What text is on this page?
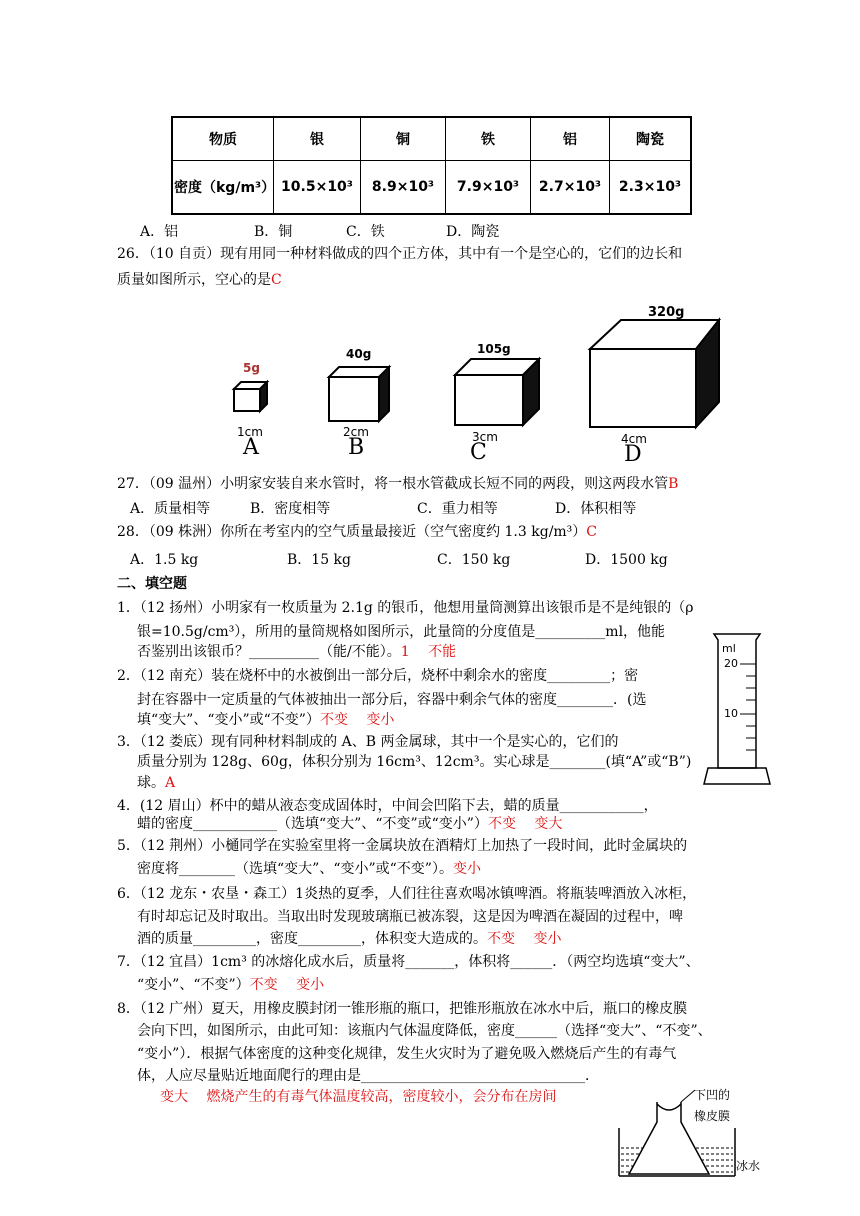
物质	银	铜	铁	铝	陶瓷
密度（kg/m³）	10.5×10³	8.9×10³	7.9×10³	2.7×10³	2.3×10³
A．铝	B．铜	C．铁	D．陶瓷
26．（10 自贡）现有用同一种材料做成的四个正方体，其中有一个是空心的，它们的边长和
质量如图所示，空心的是C
5g
40g	105g
320g
1cm	2cm	3cm	4cm
A	B	C	D
27．（09 温州）小明家安装自来水管时，将一根水管截成长短不同的两段，则这两段水管B
A．质量相等	B．密度相等	C．重力相等	D．体积相等
28．（09 株洲）你所在考室内的空气质量最接近（空气密度约 1.3 kg/m³）C
A．1.5 kg	B．15 kg	C．150 kg	D．1500 kg
二、填空题
1．（12 扬州）小明家有一枚质量为 2.1g 的银币，他想用量筒测算出该银币是不是纯银的（ρ
银=10.5g/cm³），所用的量筒规格如图所示，此量筒的分度值是__________ml，他能
否鉴别出该银币？__________（能/不能）。1　 不能
2．（12 南充）装在烧杯中的水被倒出一部分后，烧杯中剩余水的密度_________；密
封在容器中一定质量的气体被抽出一部分后，容器中剩余气体的密度________．(选
填“变大”、“变小”或“不变”）不变　 变小
3．（12 娄底）现有同种材料制成的 A、B 两金属球，其中一个是实心的，它们的
质量分别为 128g、60g，体积分别为 16cm³、12cm³。实心球是________(填“A”或“B”)
球。A
ml
20
10
4．(12 眉山）杯中的蜡从液态变成固体时，中间会凹陷下去，蜡的质量____________，
蜡的密度____________（选填“变大”、“不变”或“变小”）不变　 变大
5．（12 荆州）小樋同学在实验室里将一金属块放在酒精灯上加热了一段时间，此时金属块的
密度将________（选填“变大”、“变小”或“不变”）。变小
6．（12 龙东・农垦・森工）1炎热的夏季，人们往往喜欢喝冰镇啤酒。将瓶装啤酒放入冰柜，
有时却忘记及时取出。当取出时发现玻璃瓶已被冻裂，这是因为啤酒在凝固的过程中，啤
酒的质量_________，密度_________，体积变大造成的。不变　 变小
7．（12 宜昌）1cm³ 的冰熔化成水后，质量将_______，体积将______．（两空均选填“变大”、
“变小”、“不变”）不变　 变小
8．（12 广州）夏天，用橡皮膜封闭一锥形瓶的瓶口，把锥形瓶放在冰水中后，瓶口的橡皮膜
会向下凹，如图所示，由此可知：该瓶内气体温度降低，密度______（选择“变大”、“不变”、
“变小”）．根据气体密度的这种变化规律，发生火灾时为了避免吸入燃烧后产生的有毒气
体，人应尽量贴近地面爬行的理由是________________________________．
变大　 燃烧产生的有毒气体温度较高，密度较小，会分布在房间	下凹的
橡皮膜
冰水
